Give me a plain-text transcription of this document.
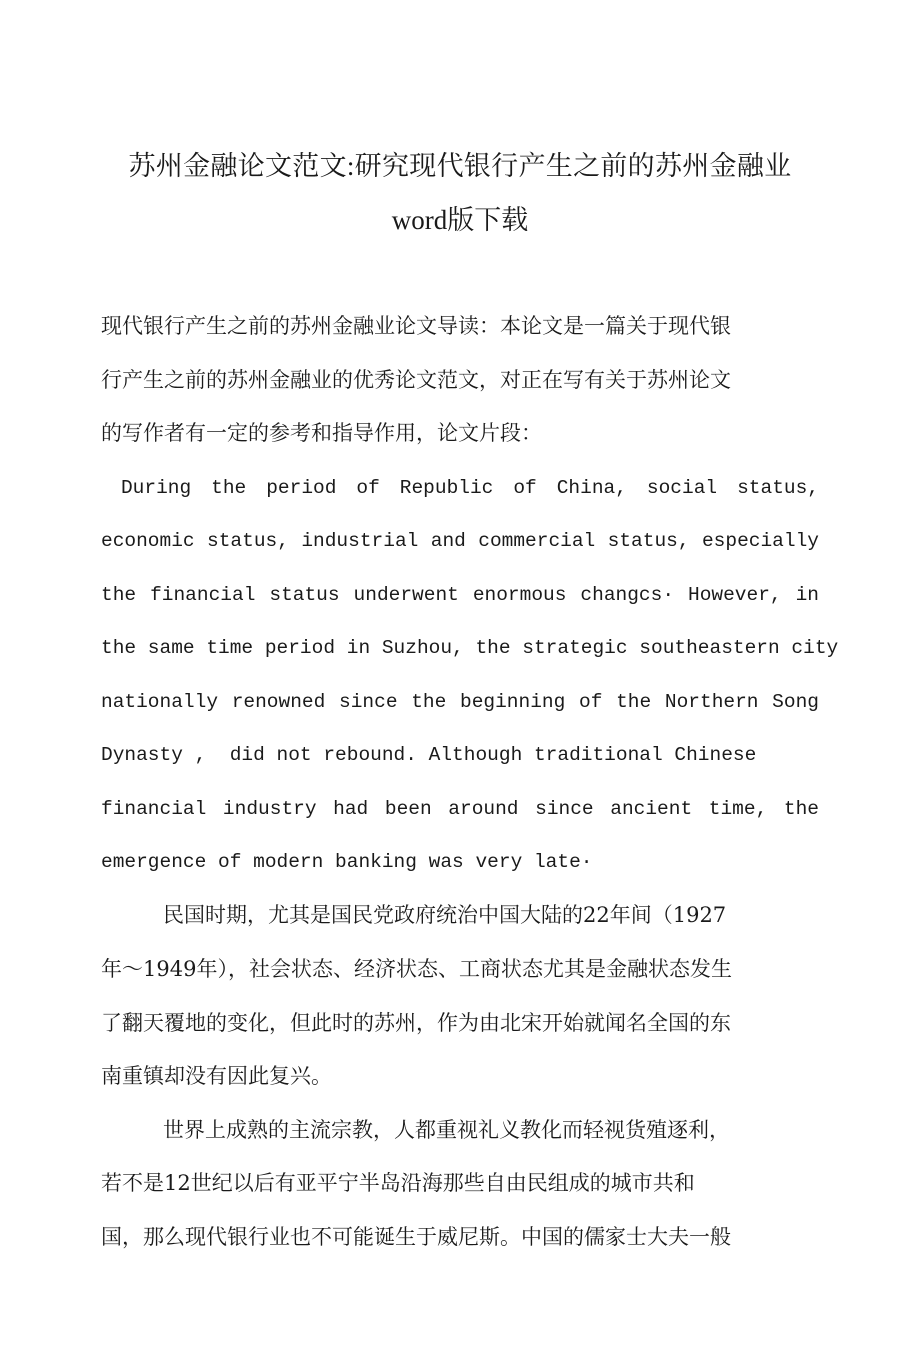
苏州金融论文范文:研究现代银行产生之前的苏州金融业
word版下载
现代银行产生之前的苏州金融业论文导读：本论文是一篇关于现代银
行产生之前的苏州金融业的优秀论文范文，对正在写有关于苏州论文
的写作者有一定的参考和指导作用，论文片段：
During the period of Republic of China, social status,
economic status, industrial and commercial status, especially
the financial status underwent enormous changcs· However, in
the same time period in Suzhou, the strategic southeastern city
nationally renowned since the beginning of the Northern Song
Dynasty ,  did not rebound. Although traditional Chinese
financial industry had been around since ancient time, the
emergence of modern banking was very late·
民国时期，尤其是国民党政府统治中国大陆的22年间（1927
年～1949年），社会状态、经济状态、工商状态尤其是金融状态发生
了翻天覆地的变化，但此时的苏州，作为由北宋开始就闻名全国的东
南重镇却没有因此复兴。
世界上成熟的主流宗教，人都重视礼义教化而轻视货殖逐利，
若不是12世纪以后有亚平宁半岛沿海那些自由民组成的城市共和
国，那么现代银行业也不可能诞生于威尼斯。中国的儒家士大夫一般
